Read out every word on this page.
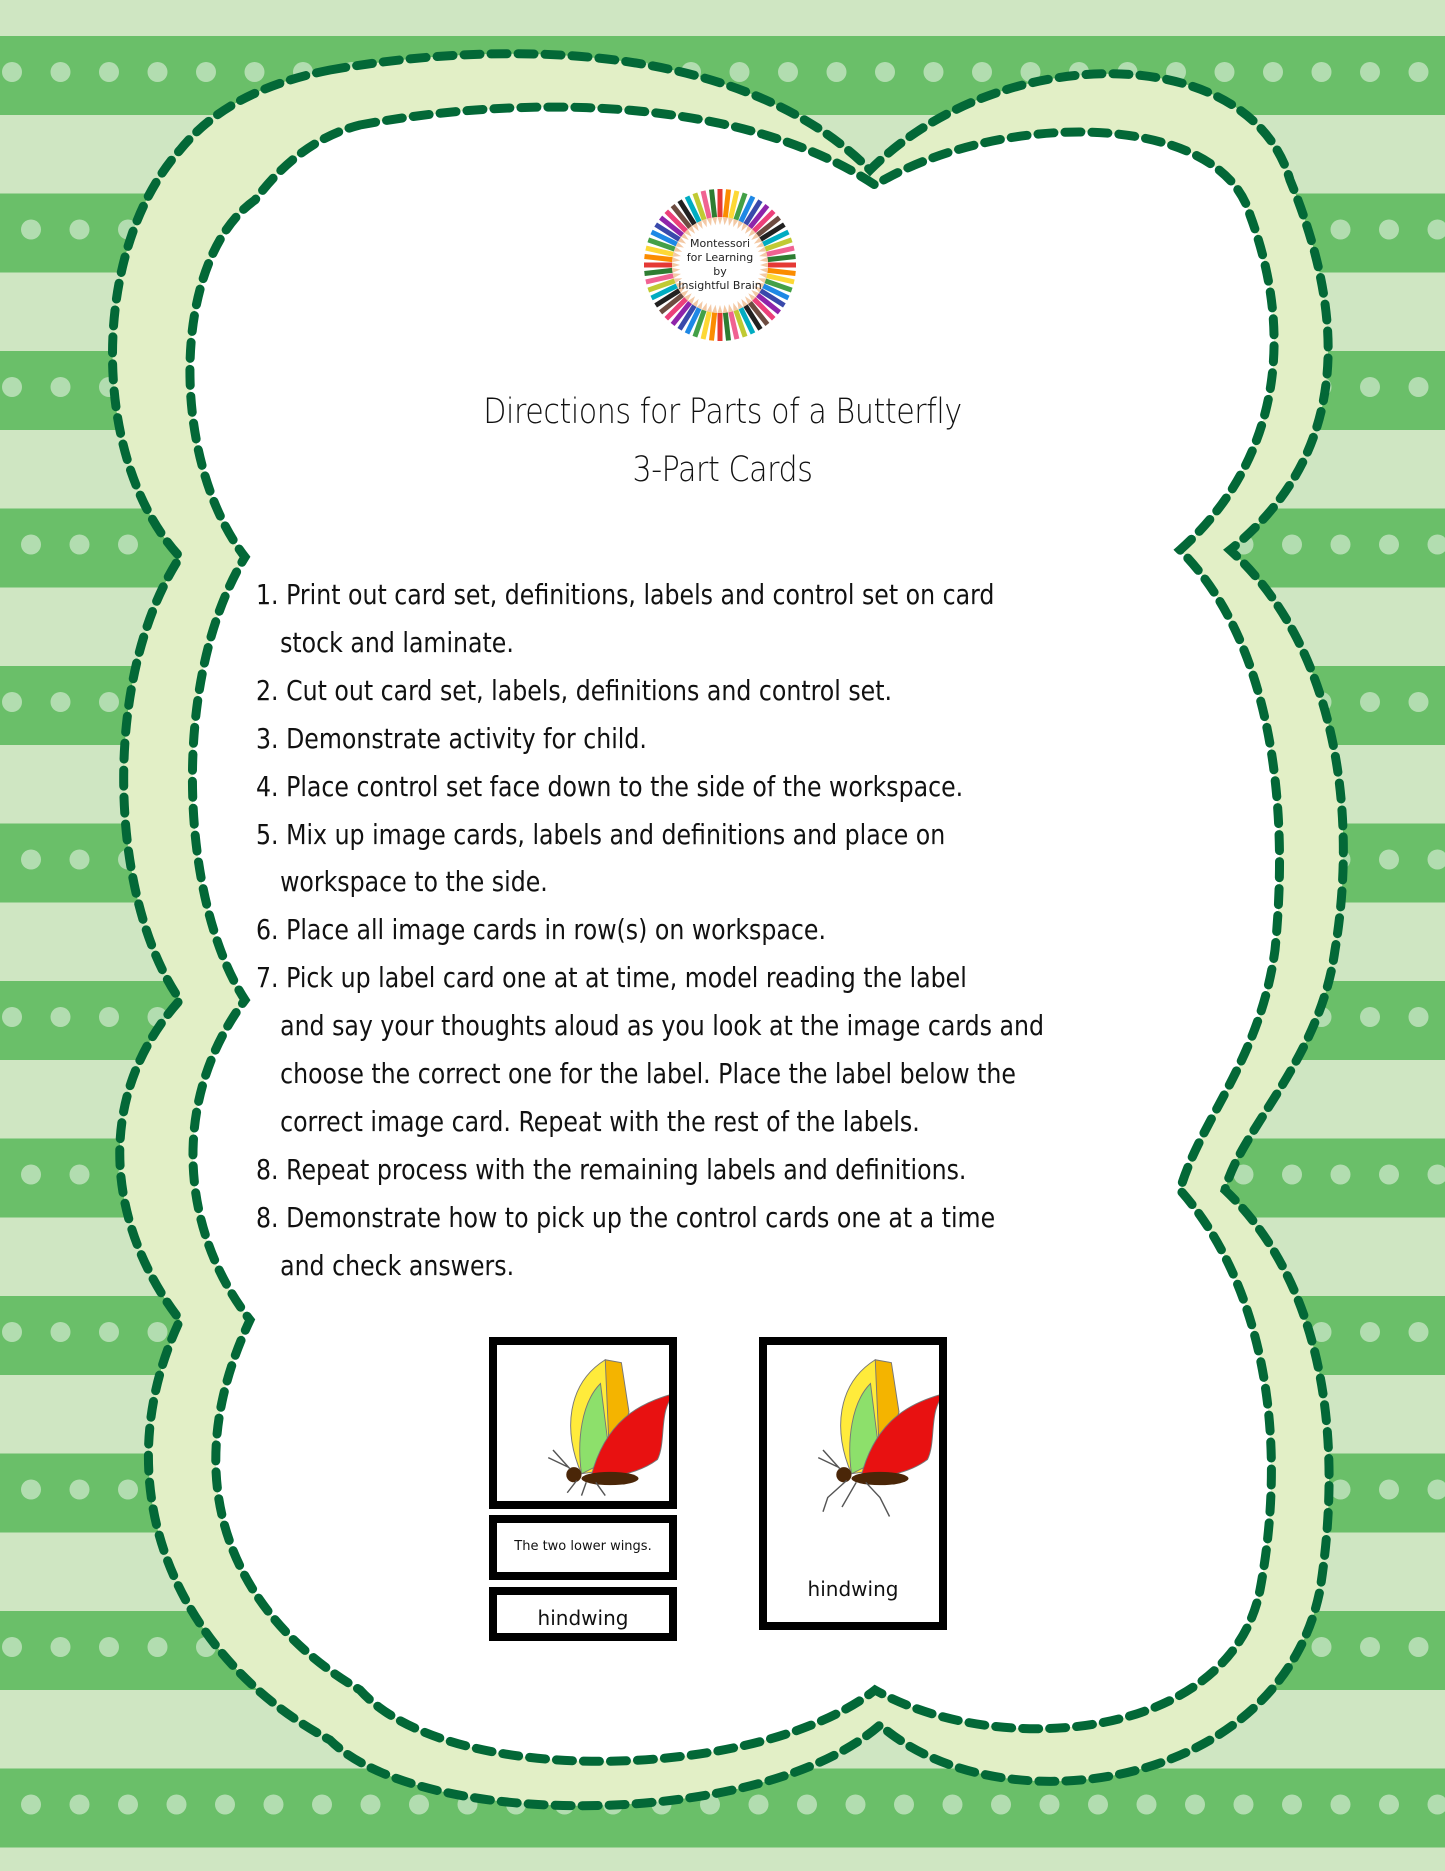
Montessori
for Learning
by
Insightful Brain
Directions for Parts of a Butterfly
3-Part Cards
1. Print out card set, definitions, labels and control set on card
stock and laminate.
2. Cut out card set, labels, definitions and control set.
3. Demonstrate activity for child.
4. Place control set face down to the side of the workspace.
5. Mix up image cards, labels and definitions and place on
workspace to the side.
6. Place all image cards in row(s) on workspace.
7. Pick up label card one at at time, model reading the label
and say your thoughts aloud as you look at the image cards and
choose the correct one for the label. Place the label below the
correct image card. Repeat with the rest of the labels.
8. Repeat process with the remaining labels and definitions.
8. Demonstrate how to pick up the control cards one at a time
and check answers.
The two lower wings.
hindwing
hindwing
